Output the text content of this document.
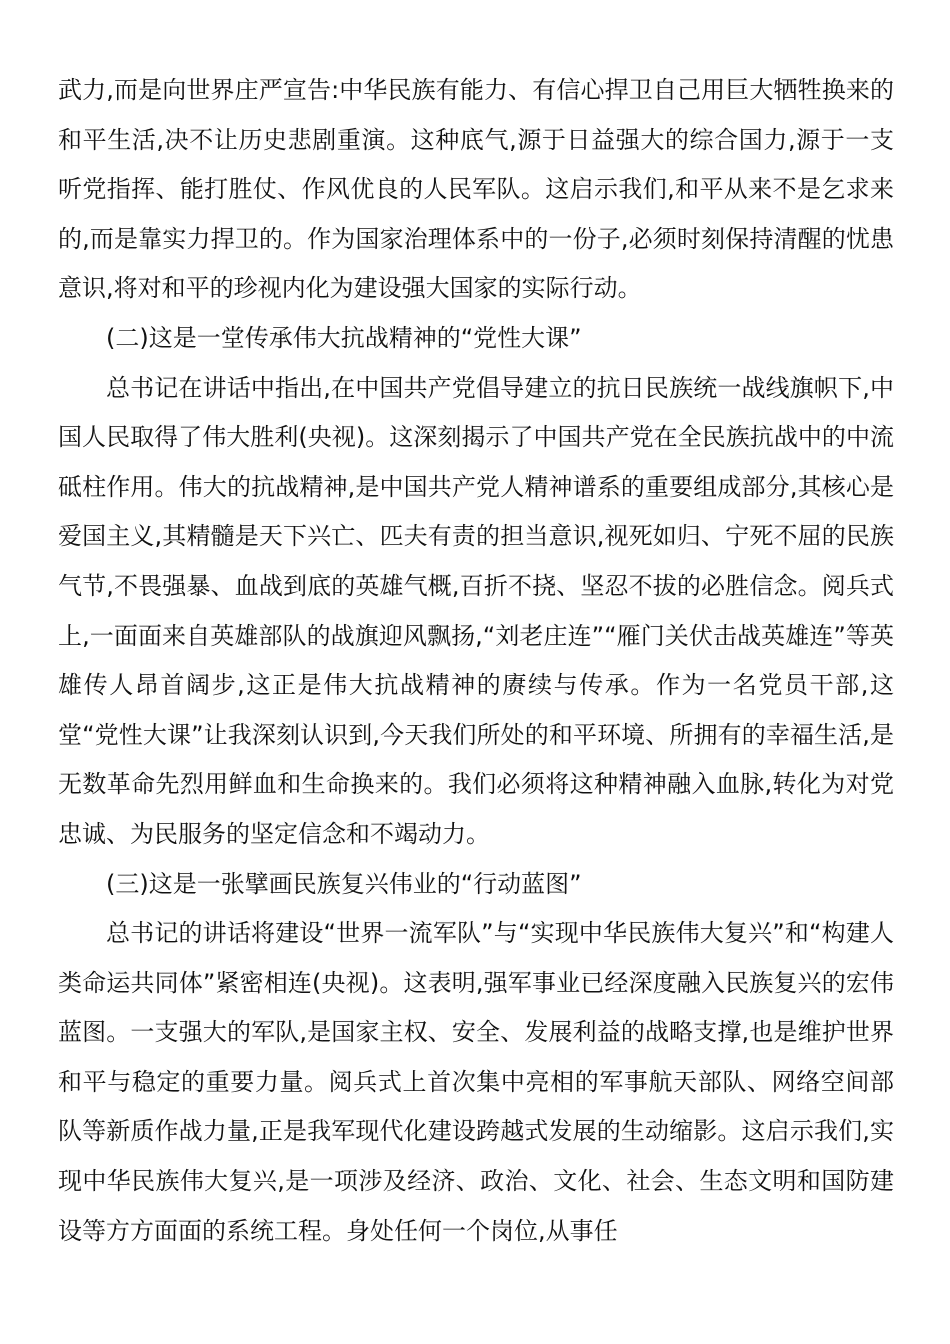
武力,而是向世界庄严宣告:中华民族有能力、有信心捍卫自己用巨大牺牲换来的和平生活,决不让历史悲剧重演。这种底气,源于日益强大的综合国力,源于一支听党指挥、能打胜仗、作风优良的人民军队。这启示我们,和平从来不是乞求来的,而是靠实力捍卫的。作为国家治理体系中的一份子,必须时刻保持清醒的忧患意识,将对和平的珍视内化为建设强大国家的实际行动。

(二)这是一堂传承伟大抗战精神的“党性大课”

总书记在讲话中指出,在中国共产党倡导建立的抗日民族统一战线旗帜下,中国人民取得了伟大胜利(央视)。这深刻揭示了中国共产党在全民族抗战中的中流砥柱作用。伟大的抗战精神,是中国共产党人精神谱系的重要组成部分,其核心是爱国主义,其精髓是天下兴亡、匹夫有责的担当意识,视死如归、宁死不屈的民族气节,不畏强暴、血战到底的英雄气概,百折不挠、坚忍不拔的必胜信念。阅兵式上,一面面来自英雄部队的战旗迎风飘扬,“刘老庄连”“雁门关伏击战英雄连”等英雄传人昂首阔步,这正是伟大抗战精神的赓续与传承。作为一名党员干部,这堂“党性大课”让我深刻认识到,今天我们所处的和平环境、所拥有的幸福生活,是无数革命先烈用鲜血和生命换来的。我们必须将这种精神融入血脉,转化为对党忠诚、为民服务的坚定信念和不竭动力。

(三)这是一张擘画民族复兴伟业的“行动蓝图”

总书记的讲话将建设“世界一流军队”与“实现中华民族伟大复兴”和“构建人类命运共同体”紧密相连(央视)。这表明,强军事业已经深度融入民族复兴的宏伟蓝图。一支强大的军队,是国家主权、安全、发展利益的战略支撑,也是维护世界和平与稳定的重要力量。阅兵式上首次集中亮相的军事航天部队、网络空间部队等新质作战力量,正是我军现代化建设跨越式发展的生动缩影。这启示我们,实现中华民族伟大复兴,是一项涉及经济、政治、文化、社会、生态文明和国防建设等方方面面的系统工程。身处任何一个岗位,从事任
